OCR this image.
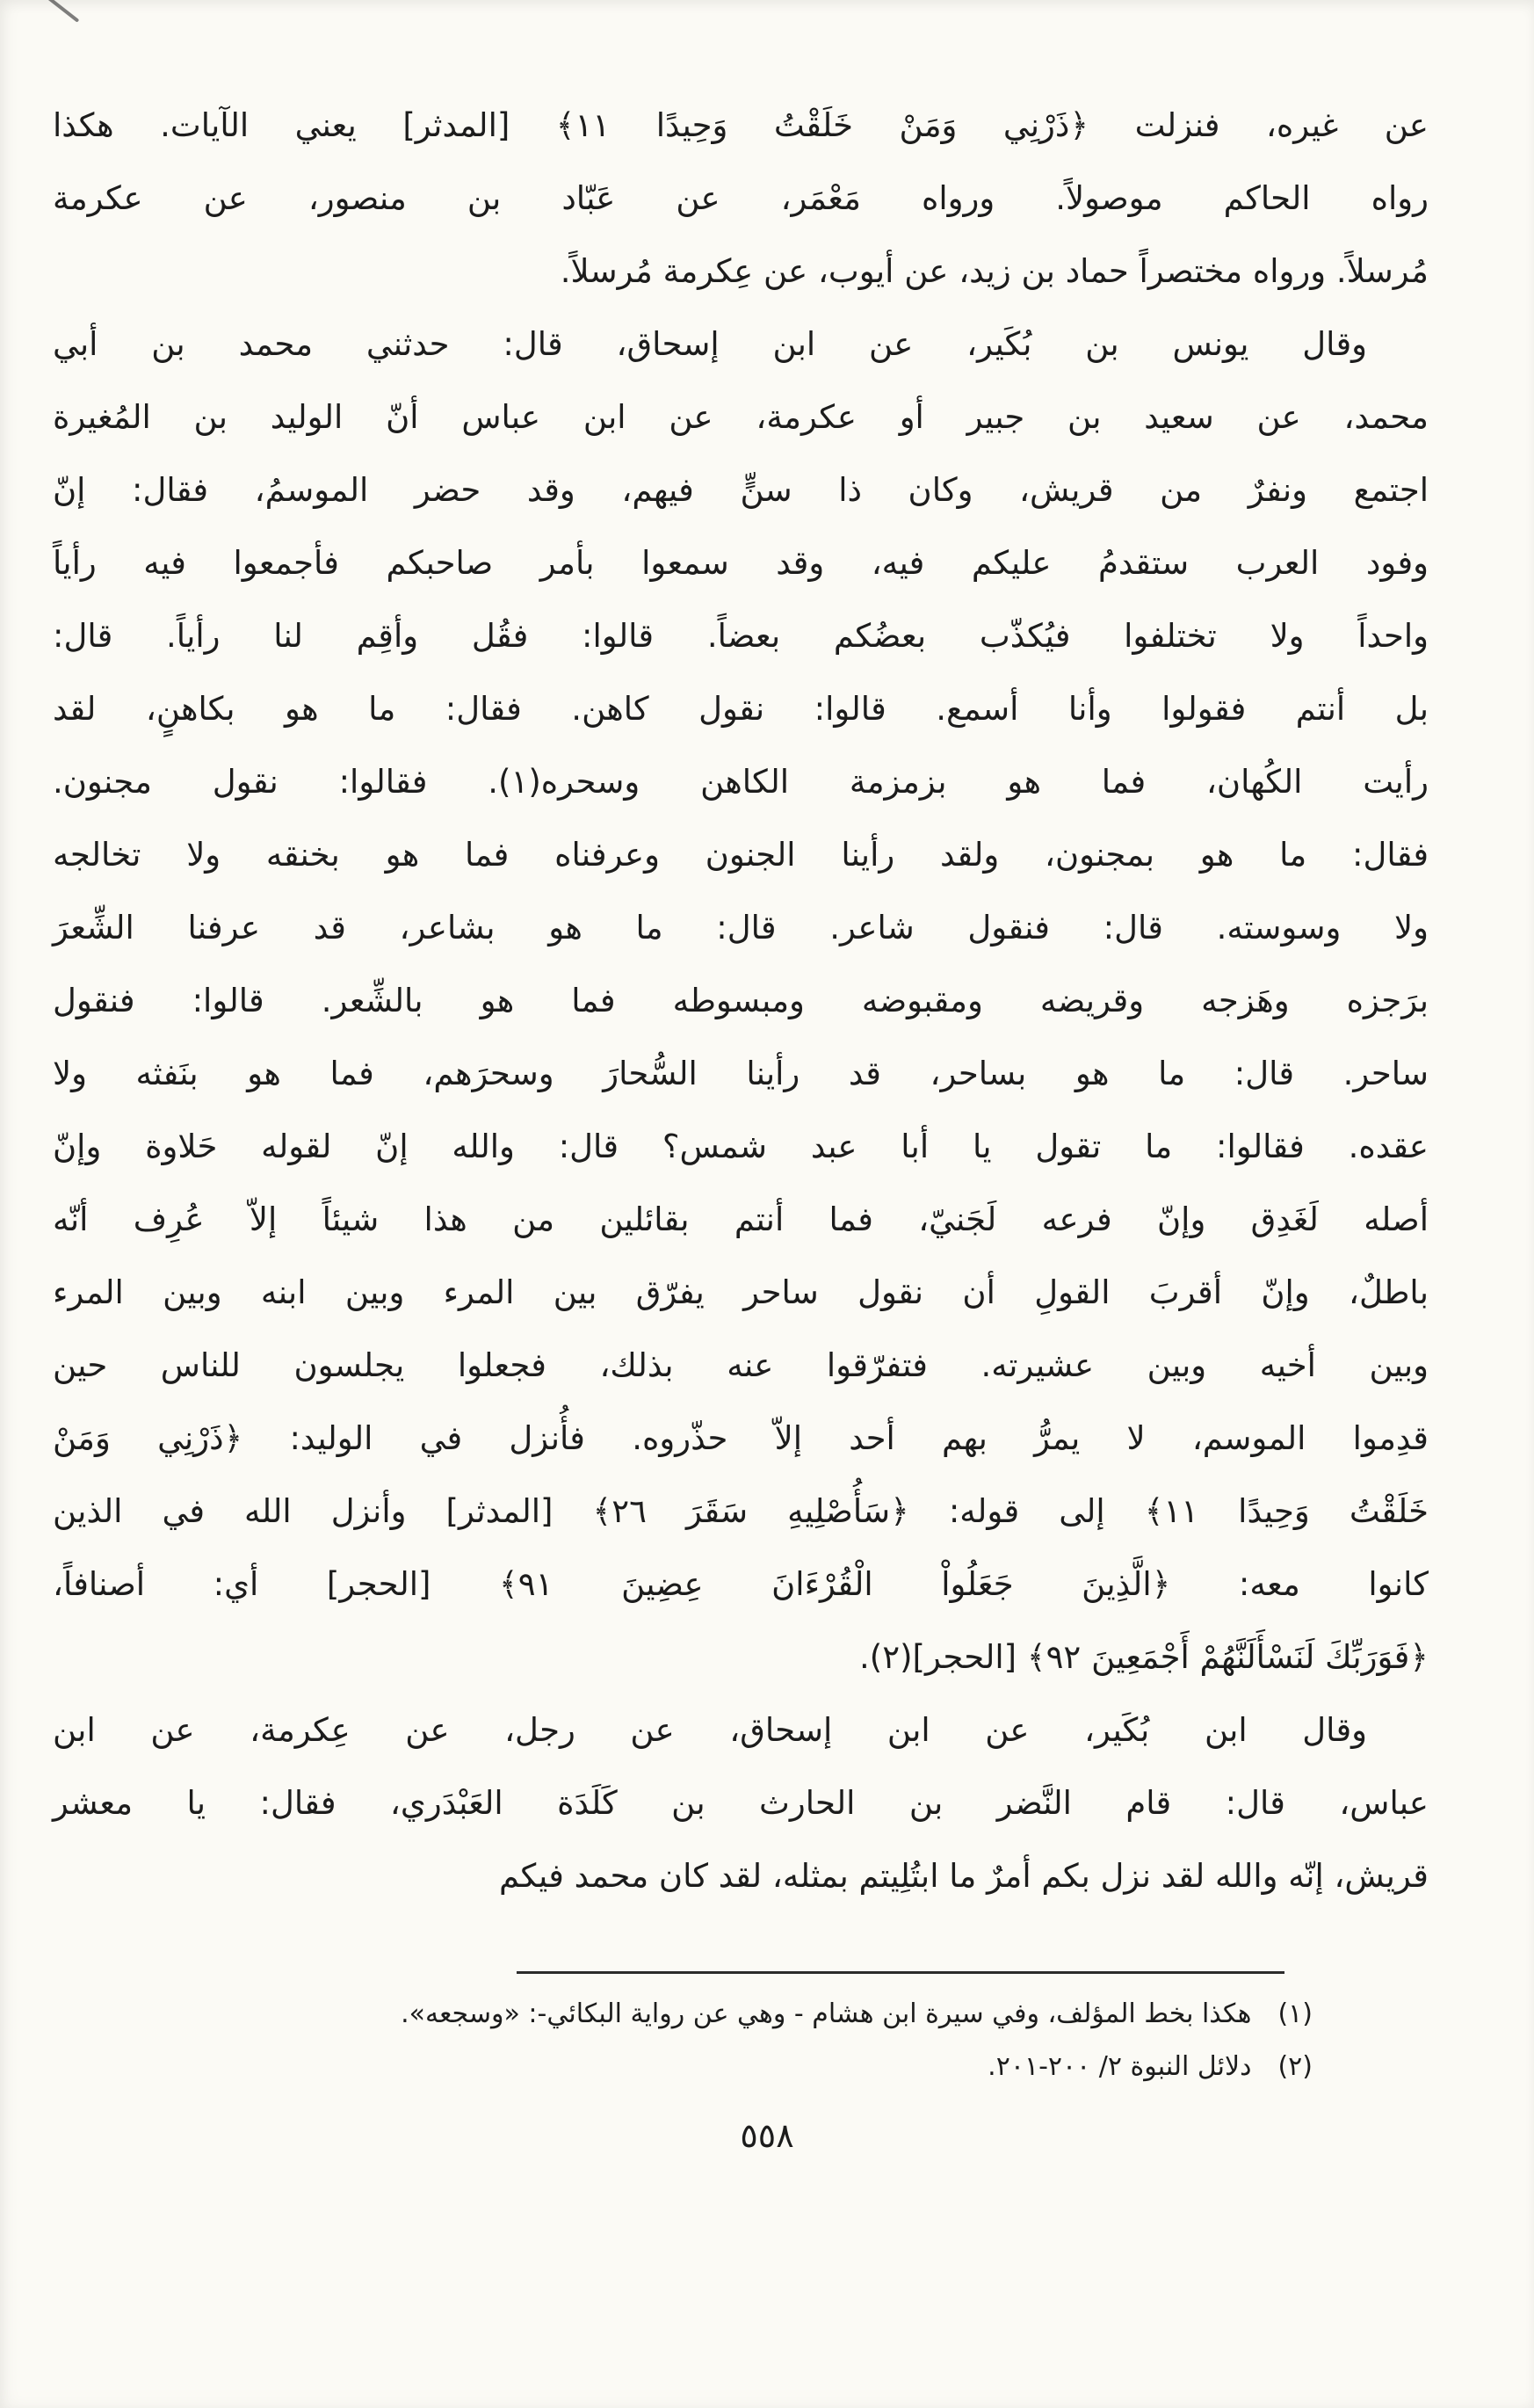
عن غيره، فنزلت ﴿ذَرْنِي وَمَنْ خَلَقْتُ وَحِيدًا ١١﴾ [المدثر] يعني الآيات. هكذا
رواه الحاكم موصولاً. ورواه مَعْمَر، عن عَبّاد بن منصور، عن عكرمة
مُرسلاً. ورواه مختصراً حماد بن زيد، عن أيوب، عن عِكرمة مُرسلاً.
وقال يونس بن بُكَير، عن ابن إسحاق، قال: حدثني محمد بن أبي
محمد، عن سعيد بن جبير أو عكرمة، عن ابن عباس أنّ الوليد بن المُغيرة
اجتمع ونفرٌ من قريش، وكان ذا سنٍّ فيهم، وقد حضر الموسمُ، فقال: إنّ
وفود العرب ستقدمُ عليكم فيه، وقد سمعوا بأمر صاحبكم فأجمعوا فيه رأياً
واحداً ولا تختلفوا فيُكذّب بعضُكم بعضاً. قالوا: فقُل وأقِم لنا رأياً. قال:
بل أنتم فقولوا وأنا أسمع. قالوا: نقول كاهن. فقال: ما هو بكاهنٍ، لقد
رأيت الكُهان، فما هو بزمزمة الكاهن وسحره(١). فقالوا: نقول مجنون.
فقال: ما هو بمجنون، ولقد رأينا الجنون وعرفناه فما هو بخنقه ولا تخالجه
ولا وسوسته. قال: فنقول شاعر. قال: ما هو بشاعر، قد عرفنا الشِّعرَ
برَجزه وهَزجه وقريضه ومقبوضه ومبسوطه فما هو بالشِّعر. قالوا: فنقول
ساحر. قال: ما هو بساحر، قد رأينا السُّحارَ وسحرَهم، فما هو بنَفثه ولا
عقده. فقالوا: ما تقول يا أبا عبد شمس؟ قال: والله إنّ لقوله حَلاوة وإنّ
أصله لَغَدِق وإنّ فرعه لَجَنيّ، فما أنتم بقائلين من هذا شيئاً إلاّ عُرِف أنّه
باطلٌ، وإنّ أقربَ القولِ أن نقول ساحر يفرّق بين المرء وبين ابنه وبين المرء
وبين أخيه وبين عشيرته. فتفرّقوا عنه بذلك، فجعلوا يجلسون للناس حين
قدِموا الموسم، لا يمرُّ بهم أحد إلاّ حذّروه. فأُنزل في الوليد: ﴿ذَرْنِي وَمَنْ
خَلَقْتُ وَحِيدًا ١١﴾ إلى قوله: ﴿سَأُصْلِيهِ سَقَرَ ٢٦﴾ [المدثر] وأنزل الله في الذين
كانوا معه: ﴿الَّذِينَ جَعَلُواْ الْقُرْءَانَ عِضِينَ ٩١﴾ [الحجر] أي: أصنافاً،
﴿فَوَرَبِّكَ لَنَسْأَلَنَّهُمْ أَجْمَعِينَ ٩٢﴾ [الحجر](٢).
وقال ابن بُكَير، عن ابن إسحاق، عن رجل، عن عِكرمة، عن ابن
عباس، قال: قام النَّضر بن الحارث بن كَلَدَة العَبْدَري، فقال: يا معشر
قريش، إنّه والله لقد نزل بكم أمرٌ ما ابتُلِيتم بمثله، لقد كان محمد فيكم
(١)
هكذا بخط المؤلف، وفي سيرة ابن هشام - وهي عن رواية البكائي-: «وسجعه».
(٢)
دلائل النبوة ٢/ ٢٠٠-٢٠١.
٥٥٨
